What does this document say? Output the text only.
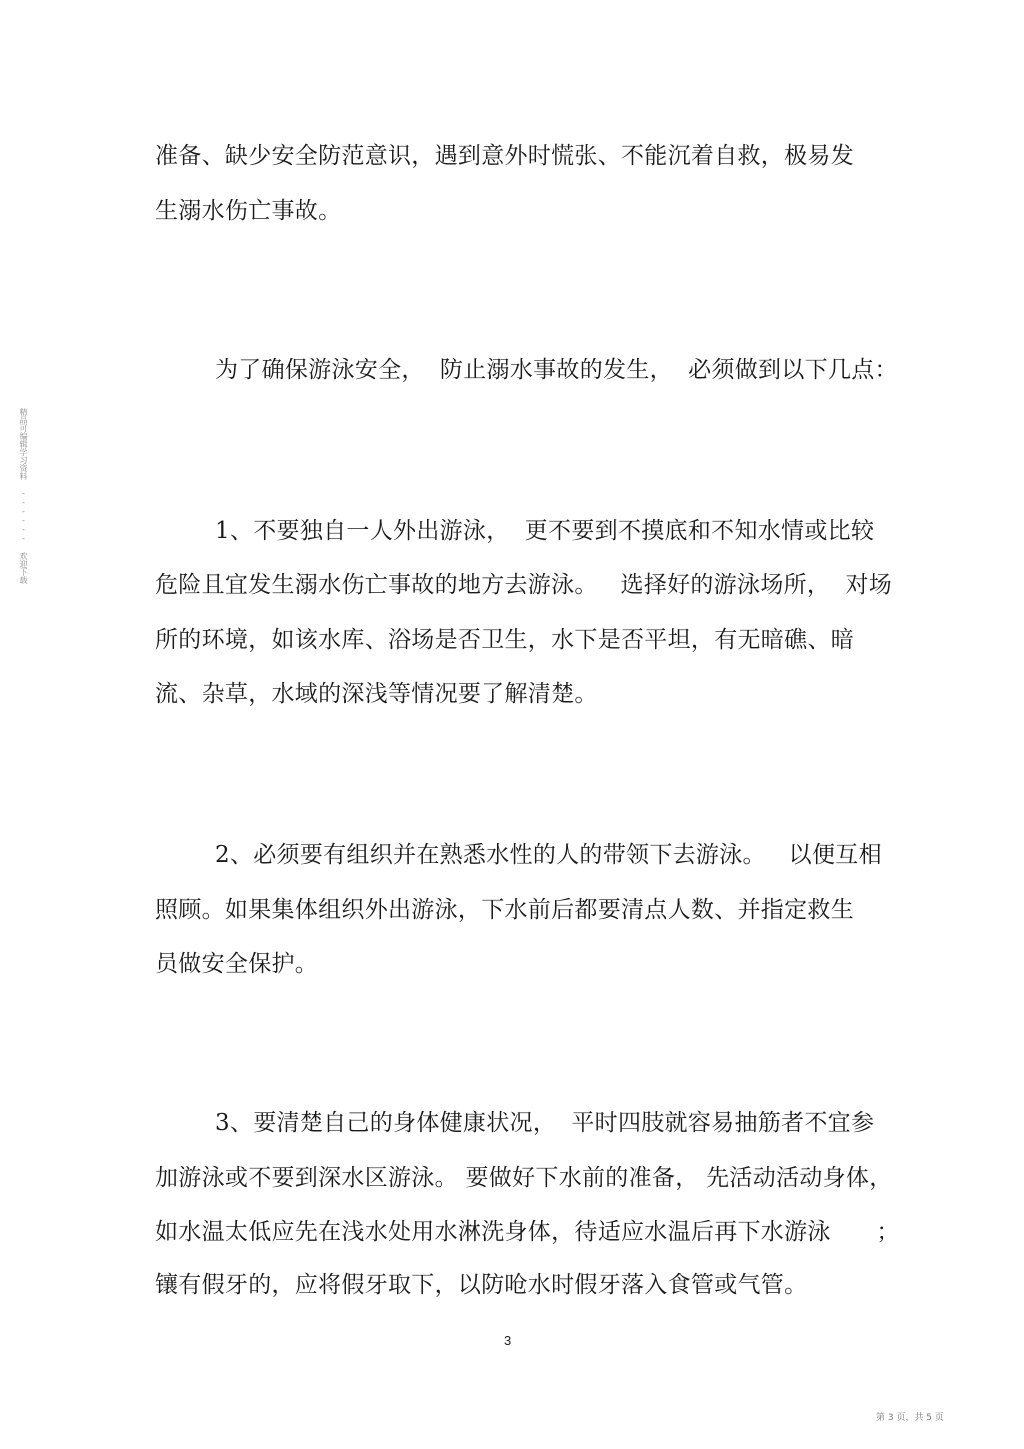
精品可编辑学习资料 ------ 欢迎下载
准备、缺少安全防范意识，遇到意外时慌张、不能沉着自救，极易发
生溺水伤亡事故。
为了确保游泳安全，  防止溺水事故的发生，  必须做到以下几点：
1、不要独自一人外出游泳，  更不要到不摸底和不知水情或比较
危险且宜发生溺水伤亡事故的地方去游泳。   选择好的游泳场所，  对场
所的环境，如该水库、浴场是否卫生，水下是否平坦，有无暗礁、暗
流、杂草，水域的深浅等情况要了解清楚。
2、必须要有组织并在熟悉水性的人的带领下去游泳。   以便互相
照顾。如果集体组织外出游泳，下水前后都要清点人数、并指定救生
员做安全保护。
3、要清楚自己的身体健康状况，  平时四肢就容易抽筋者不宜参
加游泳或不要到深水区游泳。 要做好下水前的准备， 先活动活动身体，
如水温太低应先在浅水处用水淋洗身体，待适应水温后再下水游泳      ；
镶有假牙的，应将假牙取下，以防呛水时假牙落入食管或气管。
3
第 3 页，共 5 页
